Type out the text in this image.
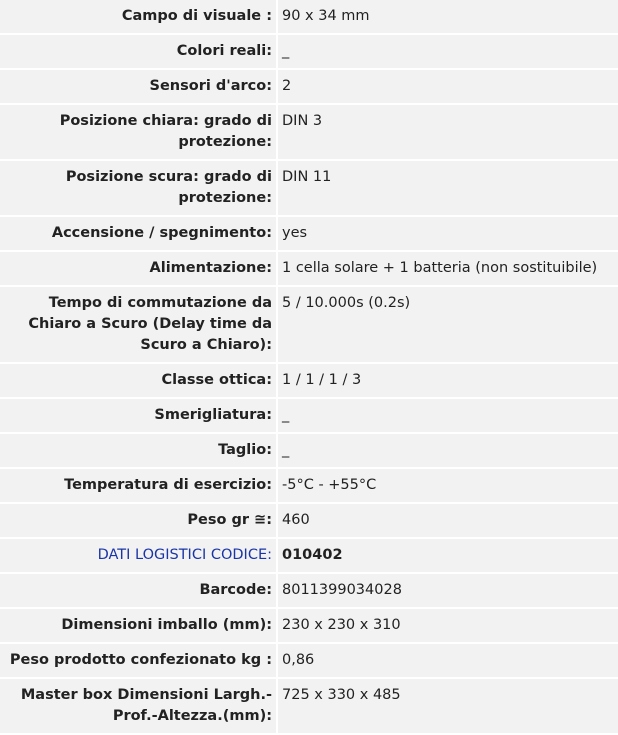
Campo di visuale : 90 x 34 mm
Colori reali: _
Sensori d'arco: 2
Posizione chiara: grado di protezione:
DIN 3
Posizione scura: grado di protezione:
DIN 11
Accensione / spegnimento: yes
Alimentazione: 1 cella solare + 1 batteria (non sostituibile)
Tempo di commutazione da Chiaro a Scuro (Delay time da Scuro a Chiaro):
5 / 10.000s (0.2s)
Classe ottica: 1 / 1 / 1 / 3
Smerigliatura: _
Taglio: _
Temperatura di esercizio: -5°C - +55°C
Peso gr ≅: 460
DATI LOGISTICI CODICE: 010402
Barcode: 8011399034028
Dimensioni imballo (mm): 230 x 230 x 310
Peso prodotto confezionato kg : 0,86
Master box Dimensioni Largh.-Prof.-Altezza.(mm):
725 x 330 x 485
